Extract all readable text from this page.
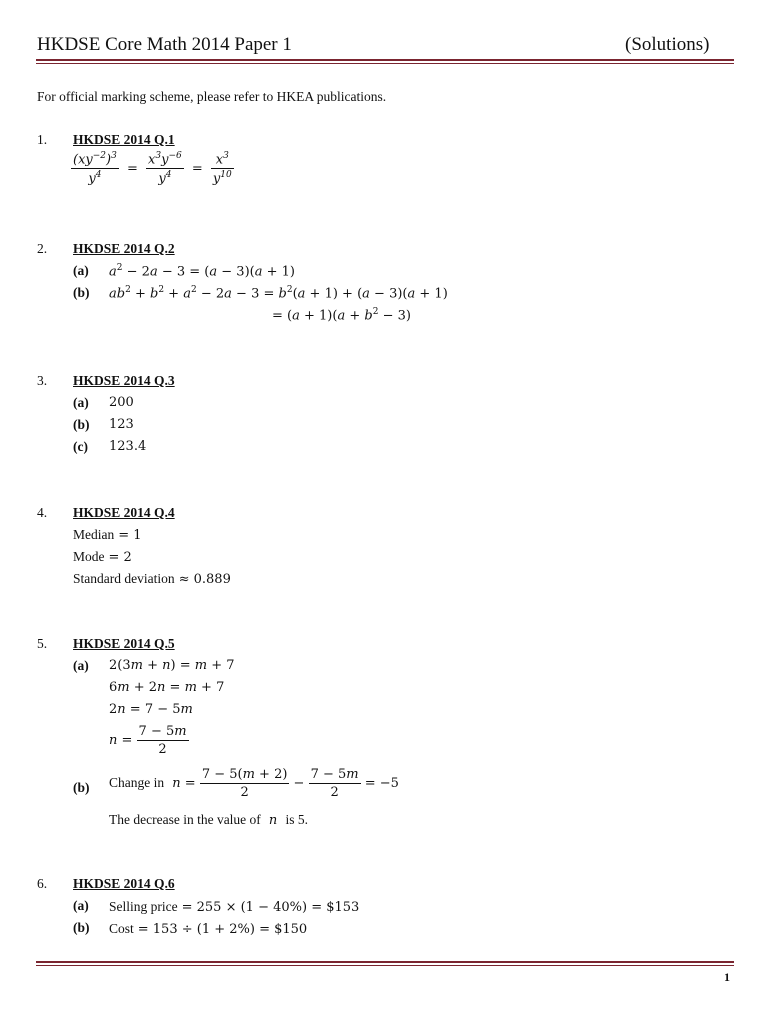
HKDSE Core Math 2014 Paper 1	(Solutions)
For official marking scheme, please refer to HKEA publications.
1. HKDSE 2014 Q.1
$\frac{(xy^{-2})^3}{y^4} = \frac{x^3y^{-6}}{y^4} = \frac{x^3}{y^{10}}$
2. HKDSE 2014 Q.2
(a) $a^2 - 2a - 3 = (a - 3)(a + 1)$
(b) $ab^2 + b^2 + a^2 - 2a - 3 = b^2(a + 1) + (a - 3)(a + 1)$
= $(a + 1)(a + b^2 - 3)$
3. HKDSE 2014 Q.3
(a) 200
(b) 123
(c) 123.4
4. HKDSE 2014 Q.4
Median = 1
Mode = 2
Standard deviation ≈ 0.889
5. HKDSE 2014 Q.5
(a) 2(3m + n) = m + 7
6m + 2n = m + 7
2n = 7 − 5m
$n = \frac{7 - 5m}{2}$
(b) Change in $n = \frac{7 - 5(m + 2)}{2} - \frac{7 - 5m}{2} = -5$
The decrease in the value of  n  is 5.
6. HKDSE 2014 Q.6
(a) Selling price = 255 × (1 − 40%) = $153
(b) Cost = 153 ÷ (1 + 2%) = $150
1
